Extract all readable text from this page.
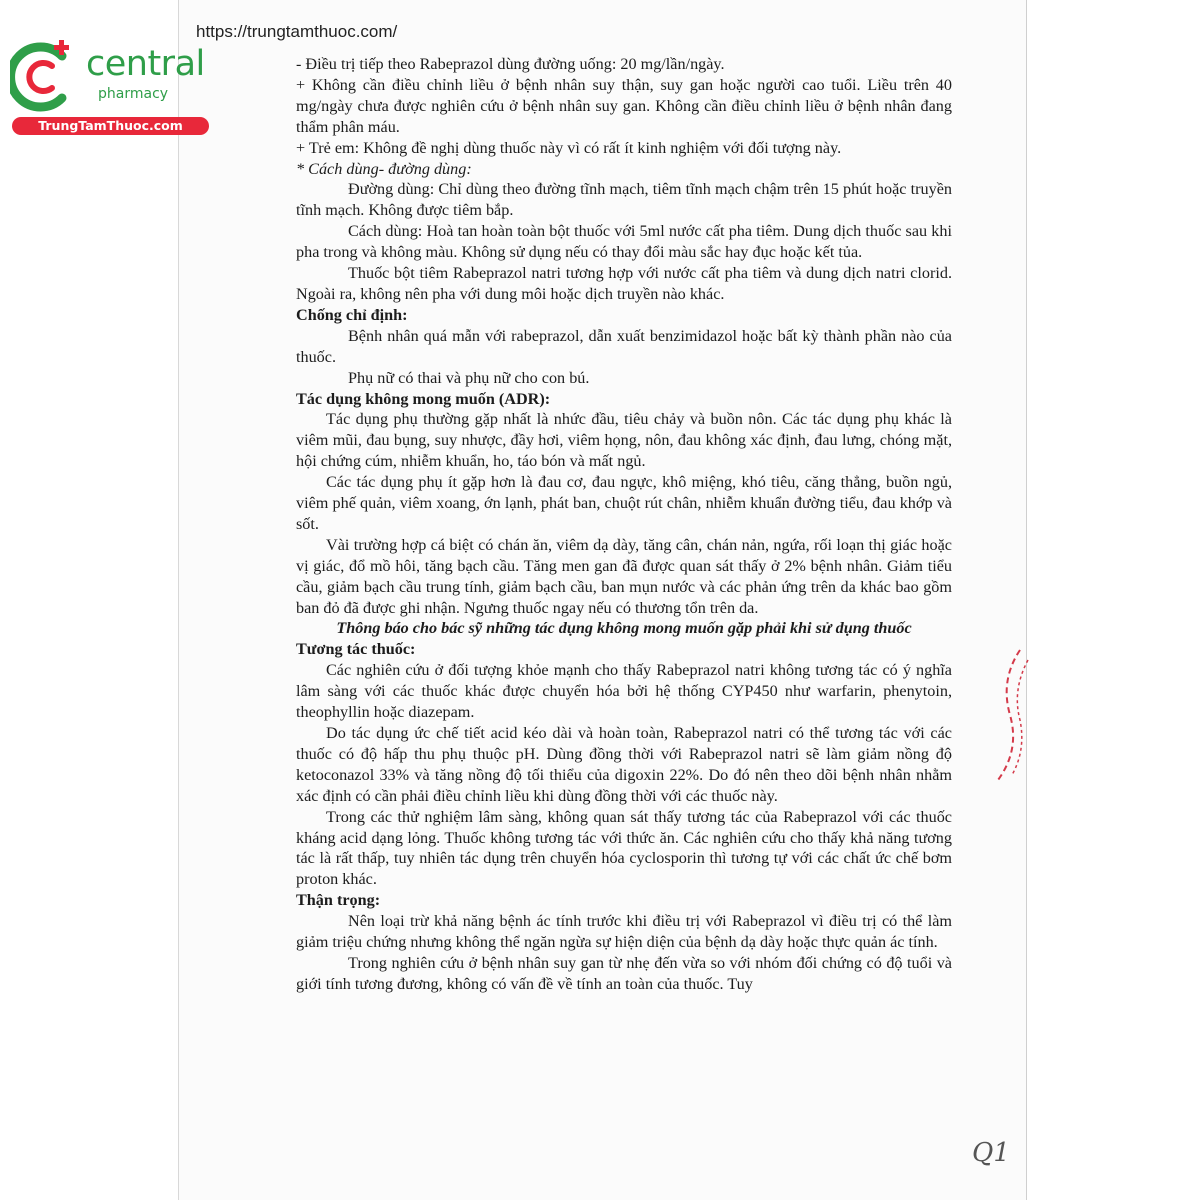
https://trungtamthuoc.com/
central
pharmacy
TrungTamThuoc.com

- Điều trị tiếp theo Rabeprazol dùng đường uống: 20 mg/lần/ngày.

+ Không cần điều chỉnh liều ở bệnh nhân suy thận, suy gan hoặc người cao tuổi. Liều trên 40 mg/ngày chưa được nghiên cứu ở bệnh nhân suy gan. Không cần điều chỉnh liều ở bệnh nhân đang thẩm phân máu.

+ Trẻ em: Không đề nghị dùng thuốc này vì có rất ít kinh nghiệm với đối tượng này.

* Cách dùng- đường dùng:

Đường dùng: Chỉ dùng theo đường tĩnh mạch, tiêm tĩnh mạch chậm trên 15 phút hoặc truyền tĩnh mạch. Không được tiêm bắp.

Cách dùng: Hoà tan hoàn toàn bột thuốc với 5ml nước cất pha tiêm. Dung dịch thuốc sau khi pha trong và không màu. Không sử dụng nếu có thay đổi màu sắc hay đục hoặc kết tủa.

Thuốc bột tiêm Rabeprazol natri tương hợp với nước cất pha tiêm và dung dịch natri clorid. Ngoài ra, không nên pha với dung môi hoặc dịch truyền nào khác.

Chống chỉ định:

Bệnh nhân quá mẫn với rabeprazol, dẫn xuất benzimidazol hoặc bất kỳ thành phần nào của thuốc.

Phụ nữ có thai và phụ nữ cho con bú.

Tác dụng không mong muốn (ADR):

Tác dụng phụ thường gặp nhất là nhức đầu, tiêu chảy và buồn nôn. Các tác dụng phụ khác là viêm mũi, đau bụng, suy nhược, đầy hơi, viêm họng, nôn, đau không xác định, đau lưng, chóng mặt, hội chứng cúm, nhiễm khuẩn, ho, táo bón và mất ngủ.

Các tác dụng phụ ít gặp hơn là đau cơ, đau ngực, khô miệng, khó tiêu, căng thẳng, buồn ngủ, viêm phế quản, viêm xoang, ớn lạnh, phát ban, chuột rút chân, nhiễm khuẩn đường tiểu, đau khớp và sốt.

Vài trường hợp cá biệt có chán ăn, viêm dạ dày, tăng cân, chán nản, ngứa, rối loạn thị giác hoặc vị giác, đổ mồ hôi, tăng bạch cầu. Tăng men gan đã được quan sát thấy ở 2% bệnh nhân. Giảm tiểu cầu, giảm bạch cầu trung tính, giảm bạch cầu, ban mụn nước và các phản ứng trên da khác bao gồm ban đỏ đã được ghi nhận. Ngưng thuốc ngay nếu có thương tổn trên da.

Thông báo cho bác sỹ những tác dụng không mong muốn gặp phải khi sử dụng thuốc

Tương tác thuốc:

Các nghiên cứu ở đối tượng khỏe mạnh cho thấy Rabeprazol natri không tương tác có ý nghĩa lâm sàng với các thuốc khác được chuyển hóa bởi hệ thống CYP450 như warfarin, phenytoin, theophyllin hoặc diazepam.

Do tác dụng ức chế tiết acid kéo dài và hoàn toàn, Rabeprazol natri có thể tương tác với các thuốc có độ hấp thu phụ thuộc pH. Dùng đồng thời với Rabeprazol natri sẽ làm giảm nồng độ ketoconazol 33% và tăng nồng độ tối thiểu của digoxin 22%. Do đó nên theo dõi bệnh nhân nhằm xác định có cần phải điều chỉnh liều khi dùng đồng thời với các thuốc này.

Trong các thử nghiệm lâm sàng, không quan sát thấy tương tác của Rabeprazol với các thuốc kháng acid dạng lỏng. Thuốc không tương tác với thức ăn. Các nghiên cứu cho thấy khả năng tương tác là rất thấp, tuy nhiên tác dụng trên chuyển hóa cyclosporin thì tương tự với các chất ức chế bơm proton khác.

Thận trọng:

Nên loại trừ khả năng bệnh ác tính trước khi điều trị với Rabeprazol vì điều trị có thể làm giảm triệu chứng nhưng không thể ngăn ngừa sự hiện diện của bệnh dạ dày hoặc thực quản ác tính.

Trong nghiên cứu ở bệnh nhân suy gan từ nhẹ đến vừa so với nhóm đối chứng có độ tuổi và giới tính tương đương, không có vấn đề về tính an toàn của thuốc. Tuy

Q1
